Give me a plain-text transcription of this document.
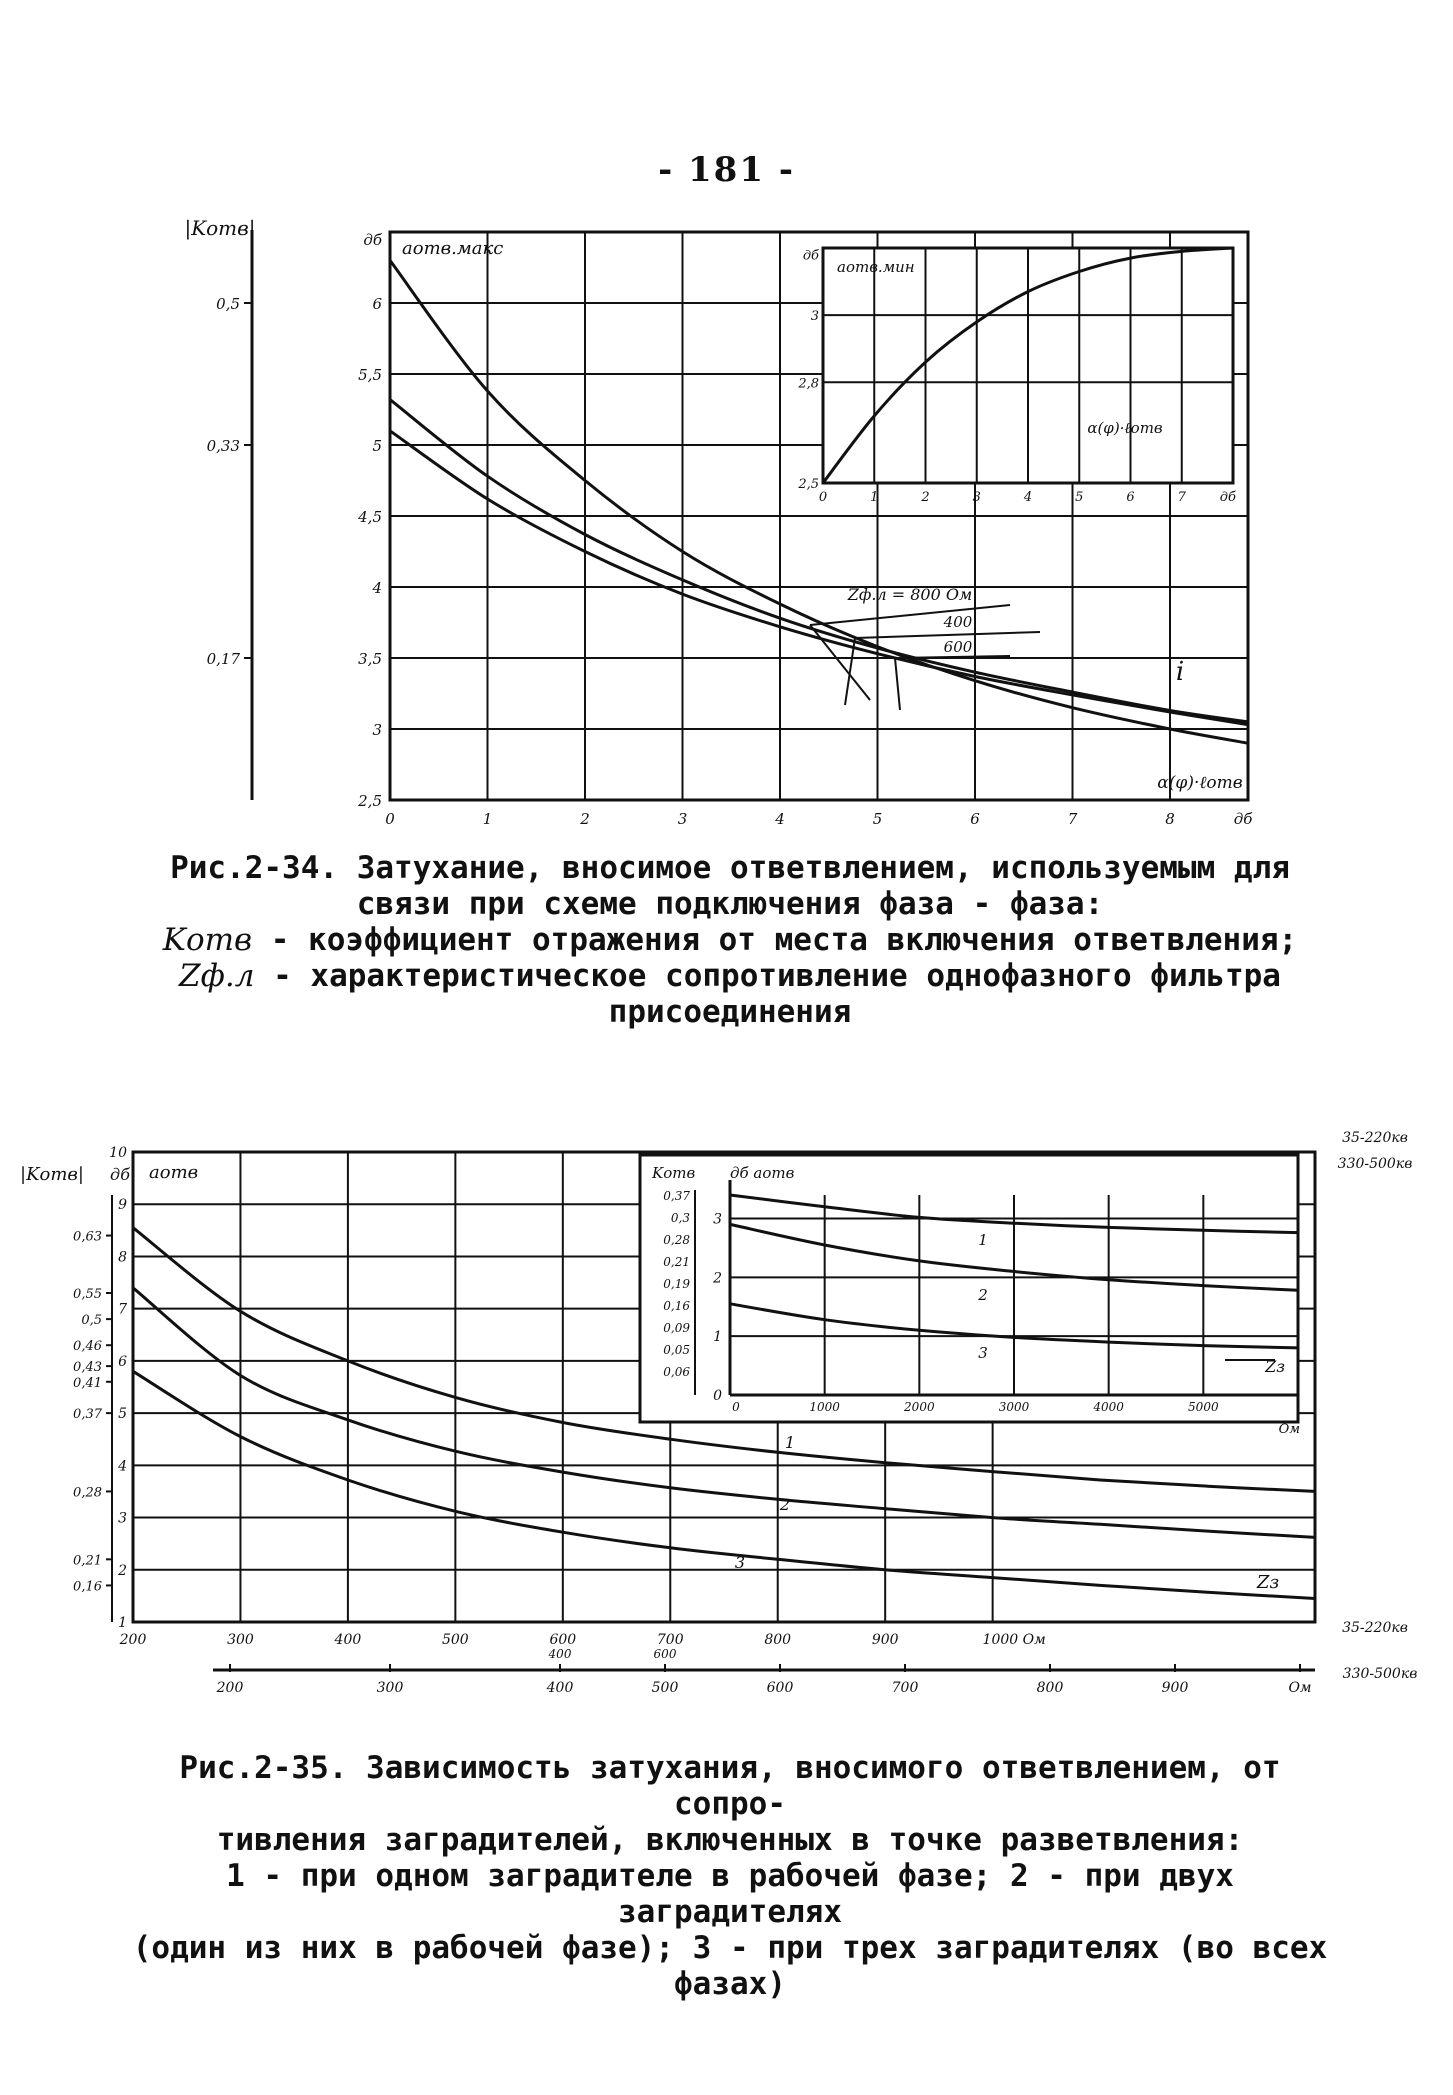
- 181 -
|Kотв|
0,5
0,33
0,17
2,5
3
3,5
4
4,5
5
5,5
6
дб aотв.макс
0	1	2	3	4	5	6	7	8	дб
α(φ)·ℓотв
Zф.л = 800 Ом
400
600
i
2,5
2,8
3
дб
0	1	2	3	4	5	6	7	дб
aотв.мин
α(φ)·ℓотв
|Kотв| дб
0,63
0,55
0,5
0,46
0,43
0,41
0,37
0,28
0,21
0,16
1
2
3
4
5
6
7
8
9
10
aотв
200	300	400	500	600	700	800	900	1000 Ом
35-220кв
35-220кв
330-500кв
200	300	400	500	600	700	800	900	Ом
400	600
330-500кв
1
2
3
Zз
0
1
2
3
0	1000	2000	3000	4000	5000
Ом
Kотв дб aотв
0,37
0,3
0,28
0,21
0,19
0,16
0,09
0,05
0,06
1
2
3
Zз
Рис.2-34. Затухание, вносимое ответвлением, используемым для
связи при схеме подключения фаза - фаза:
Kотв - коэффициент отражения от места включения ответвления;
Zф.л - характеристическое сопротивление однофазного фильтра
присоединения
Рис.2-35. Зависимость затухания, вносимого ответвлением, от сопро-
тивления заградителей, включенных в точке разветвления:
1 - при одном заградителе в рабочей фазе; 2 - при двух заградителях
(один из них в рабочей фазе); 3 - при трех заградителях (во всех
фазах)
